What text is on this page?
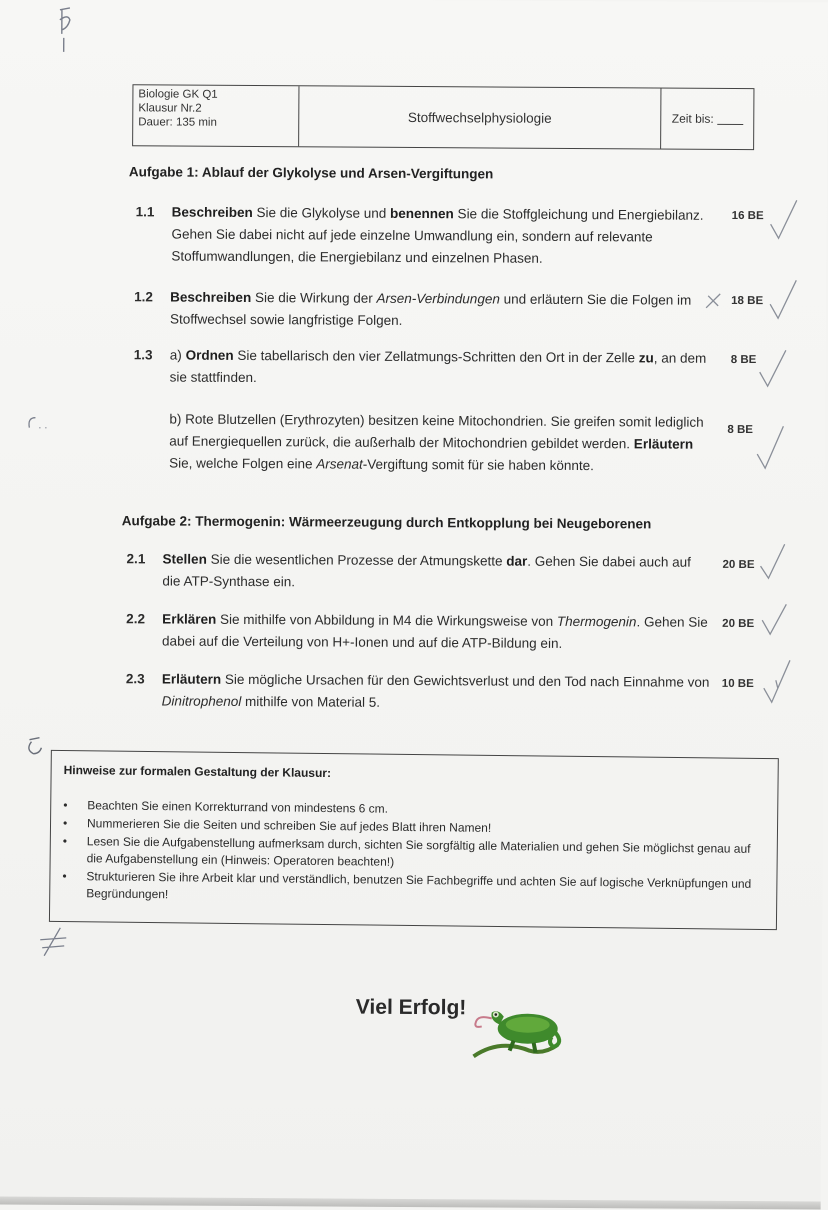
Biologie GK Q1
Klausur Nr.2
Dauer: 135 min	Stoffwechselphysiologie	Zeit bis:
Aufgabe 1: Ablauf der Glykolyse und Arsen-Vergiftungen
1.1	Beschreiben Sie die Glykolyse und benennen Sie die Stoffgleichung und Energiebilanz. Gehen Sie dabei nicht auf jede einzelne Umwandlung ein, sondern auf relevante Stoffumwandlungen, die Energiebilanz und einzelnen Phasen.
16 BE
1.2	Beschreiben Sie die Wirkung der Arsen-Verbindungen und erläutern Sie die Folgen im Stoffwechsel sowie langfristige Folgen.
18 BE
1.3	a) Ordnen Sie tabellarisch den vier Zellatmungs-Schritten den Ort in der Zelle zu, an dem sie stattfinden.
8 BE
b) Rote Blutzellen (Erythrozyten) besitzen keine Mitochondrien. Sie greifen somit lediglich auf Energiequellen zurück, die außerhalb der Mitochondrien gebildet werden. Erläutern Sie, welche Folgen eine Arsenat-Vergiftung somit für sie haben könnte.
8 BE
Aufgabe 2: Thermogenin: Wärmeerzeugung durch Entkopplung bei Neugeborenen
2.1	Stellen Sie die wesentlichen Prozesse der Atmungskette dar. Gehen Sie dabei auch auf die ATP-Synthase ein.
20 BE
2.2	Erklären Sie mithilfe von Abbildung in M4 die Wirkungsweise von Thermogenin. Gehen Sie dabei auf die Verteilung von H+-Ionen und auf die ATP-Bildung ein.
20 BE
2.3	Erläutern Sie mögliche Ursachen für den Gewichtsverlust und den Tod nach Einnahme von Dinitrophenol mithilfe von Material 5.
10 BE
Hinweise zur formalen Gestaltung der Klausur:
• Beachten Sie einen Korrekturrand von mindestens 6 cm.
• Nummerieren Sie die Seiten und schreiben Sie auf jedes Blatt ihren Namen!
• Lesen Sie die Aufgabenstellung aufmerksam durch, sichten Sie sorgfältig alle Materialien und gehen Sie möglichst genau auf die Aufgabenstellung ein (Hinweis: Operatoren beachten!)
• Strukturieren Sie ihre Arbeit klar und verständlich, benutzen Sie Fachbegriffe und achten Sie auf logische Verknüpfungen und Begründungen!
Viel Erfolg!
